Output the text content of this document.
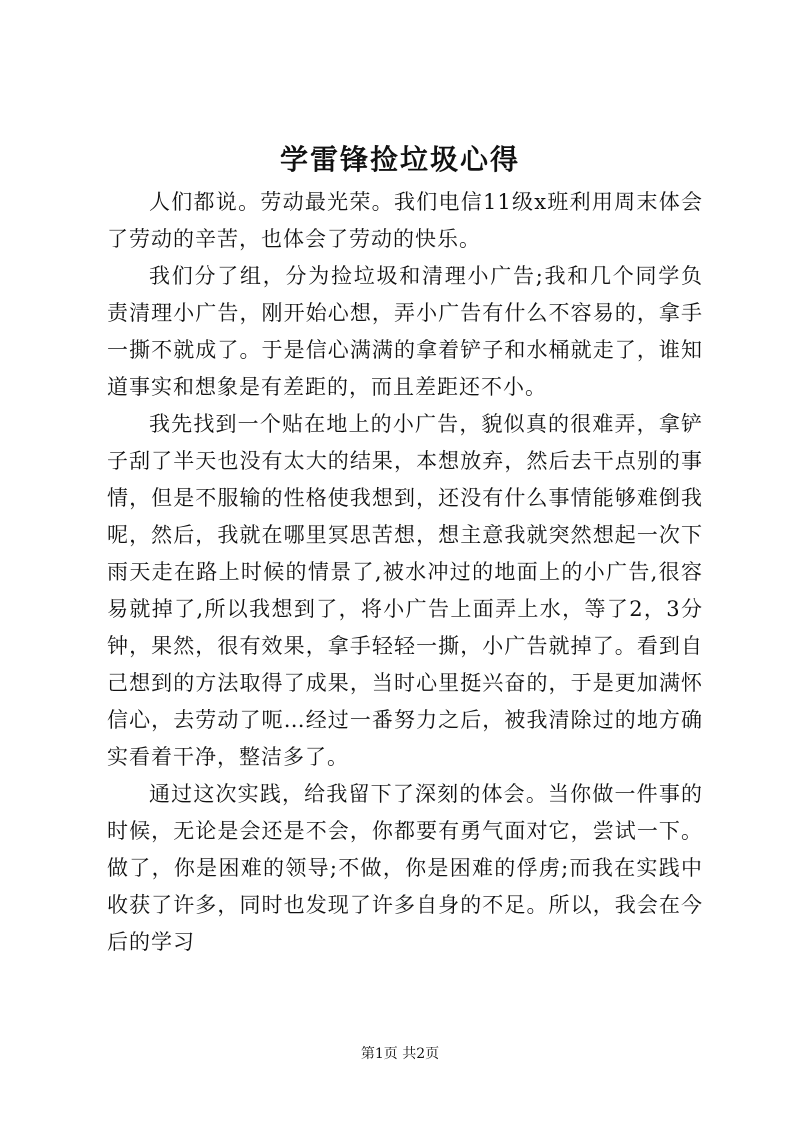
学雷锋捡垃圾心得

人们都说。劳动最光荣。我们电信11级x班利用周末体会了劳动的辛苦，也体会了劳动的快乐。

我们分了组，分为捡垃圾和清理小广告;我和几个同学负责清理小广告，刚开始心想，弄小广告有什么不容易的，拿手一撕不就成了。于是信心满满的拿着铲子和水桶就走了，谁知道事实和想象是有差距的，而且差距还不小。

我先找到一个贴在地上的小广告，貌似真的很难弄，拿铲子刮了半天也没有太大的结果，本想放弃，然后去干点别的事情，但是不服输的性格使我想到，还没有什么事情能够难倒我呢，然后，我就在哪里冥思苦想，想主意我就突然想起一次下雨天走在路上时候的情景了,被水冲过的地面上的小广告,很容易就掉了,所以我想到了，将小广告上面弄上水，等了2，3分钟，果然，很有效果，拿手轻轻一撕，小广告就掉了。看到自己想到的方法取得了成果，当时心里挺兴奋的，于是更加满怀信心，去劳动了呃…经过一番努力之后，被我清除过的地方确实看着干净，整洁多了。

通过这次实践，给我留下了深刻的体会。当你做一件事的时候，无论是会还是不会，你都要有勇气面对它，尝试一下。做了，你是困难的领导;不做，你是困难的俘虏;而我在实践中收获了许多，同时也发现了许多自身的不足。所以，我会在今后的学习

第1页 共2页
